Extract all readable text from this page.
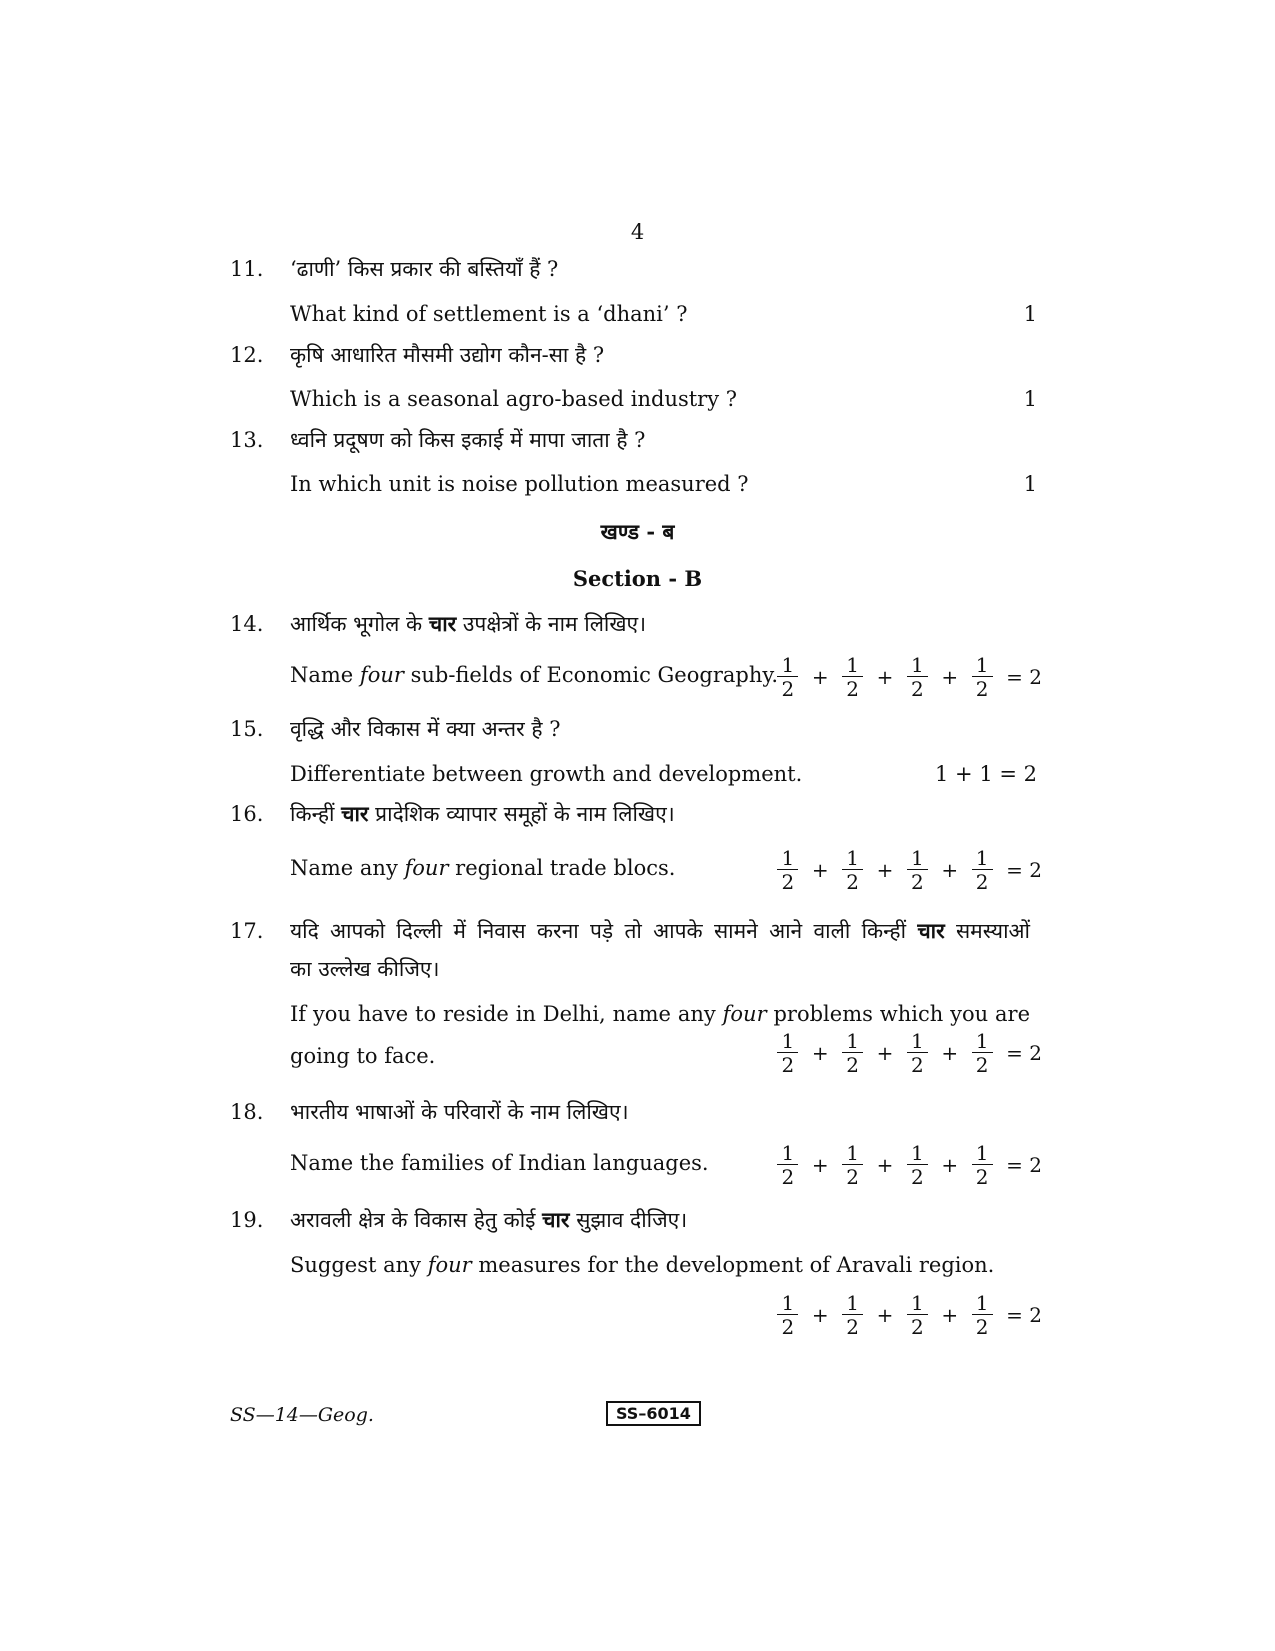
4
11. ‘ढाणी’ किस प्रकार की बस्तियाँ हैं ?
What kind of settlement is a ‘dhani’ ?	1
12. कृषि आधारित मौसमी उद्योग कौन-सा है ?
Which is a seasonal agro-based industry ?	1
13. ध्वनि प्रदूषण को किस इकाई में मापा जाता है ?
In which unit is noise pollution measured ?	1
खण्ड - ब
Section - B
14. आर्थिक भूगोल के चार उपक्षेत्रों के नाम लिखिए।
Name four sub-fields of Economic Geography.
$\frac{1}{2} + \frac{1}{2} + \frac{1}{2} + \frac{1}{2} = 2$
15. वृद्धि और विकास में क्या अन्तर है ?
Differentiate between growth and development.	1 + 1 = 2
16. किन्हीं चार प्रादेशिक व्यापार समूहों के नाम लिखिए।
Name any four regional trade blocs.	$\frac{1}{2} + \frac{1}{2} + \frac{1}{2} + \frac{1}{2} = 2$
17. यदि आपको दिल्ली में निवास करना पड़े तो आपके सामने आने वाली किन्हीं चार समस्याओं
का उल्लेख कीजिए।
If you have to reside in Delhi, name any four problems which you are
going to face.	$\frac{1}{2} + \frac{1}{2} + \frac{1}{2} + \frac{1}{2} = 2$
18. भारतीय भाषाओं के परिवारों के नाम लिखिए।
Name the families of Indian languages.	$\frac{1}{2} + \frac{1}{2} + \frac{1}{2} + \frac{1}{2} = 2$
19. अरावली क्षेत्र के विकास हेतु कोई चार सुझाव दीजिए।
Suggest any four measures for the development of Aravali region.
$\frac{1}{2} + \frac{1}{2} + \frac{1}{2} + \frac{1}{2} = 2$
SS—14—Geog.	SS–6014
